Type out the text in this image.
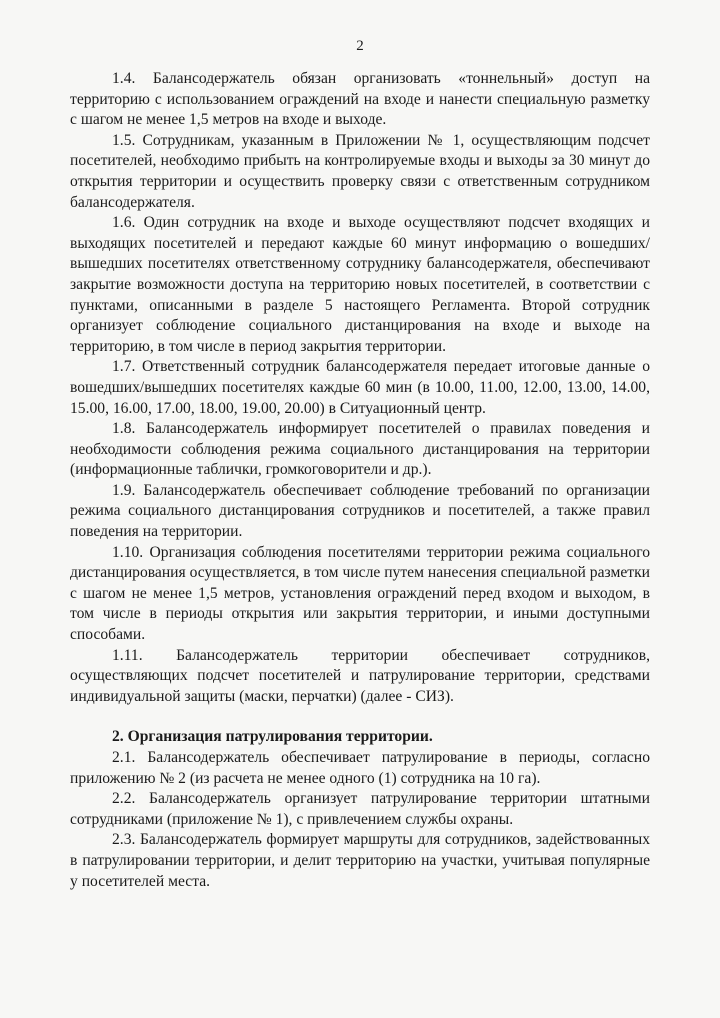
2

1.4. Балансодержатель обязан организовать «тоннельный» доступ на территорию с использованием ограждений на входе и нанести специальную разметку с шагом не менее 1,5 метров на входе и выходе.

1.5. Сотрудникам, указанным в Приложении № 1, осуществляющим подсчет посетителей, необходимо прибыть на контролируемые входы и выходы за 30 минут до открытия территории и осуществить проверку связи с ответственным сотрудником балансодержателя.

1.6. Один сотрудник на входе и выходе осуществляют подсчет входящих и выходящих посетителей и передают каждые 60 минут информацию о вошедших/вышедших посетителях ответственному сотруднику балансодержателя, обеспечивают закрытие возможности доступа на территорию новых посетителей, в соответствии с пунктами, описанными в разделе 5 настоящего Регламента. Второй сотрудник организует соблюдение социального дистанцирования на входе и выходе на территорию, в том числе в период закрытия территории.

1.7. Ответственный сотрудник балансодержателя передает итоговые данные о вошедших/вышедших посетителях каждые 60 мин (в 10.00, 11.00, 12.00, 13.00, 14.00, 15.00, 16.00, 17.00, 18.00, 19.00, 20.00) в Ситуационный центр.

1.8. Балансодержатель информирует посетителей о правилах поведения и необходимости соблюдения режима социального дистанцирования на территории (информационные таблички, громкоговорители и др.).

1.9. Балансодержатель обеспечивает соблюдение требований по организации режима социального дистанцирования сотрудников и посетителей, а также правил поведения на территории.

1.10. Организация соблюдения посетителями территории режима социального дистанцирования осуществляется, в том числе путем нанесения специальной разметки с шагом не менее 1,5 метров, установления ограждений перед входом и выходом, в том числе в периоды открытия или закрытия территории, и иными доступными способами.

1.11. Балансодержатель территории обеспечивает сотрудников, осуществляющих подсчет посетителей и патрулирование территории, средствами индивидуальной защиты (маски, перчатки) (далее - СИЗ).

2. Организация патрулирования территории.

2.1. Балансодержатель обеспечивает патрулирование в периоды, согласно приложению № 2 (из расчета не менее одного (1) сотрудника на 10 га).

2.2. Балансодержатель организует патрулирование территории штатными сотрудниками (приложение № 1), с привлечением службы охраны.

2.3. Балансодержатель формирует маршруты для сотрудников, задействованных в патрулировании территории, и делит территорию на участки, учитывая популярные у посетителей места.
